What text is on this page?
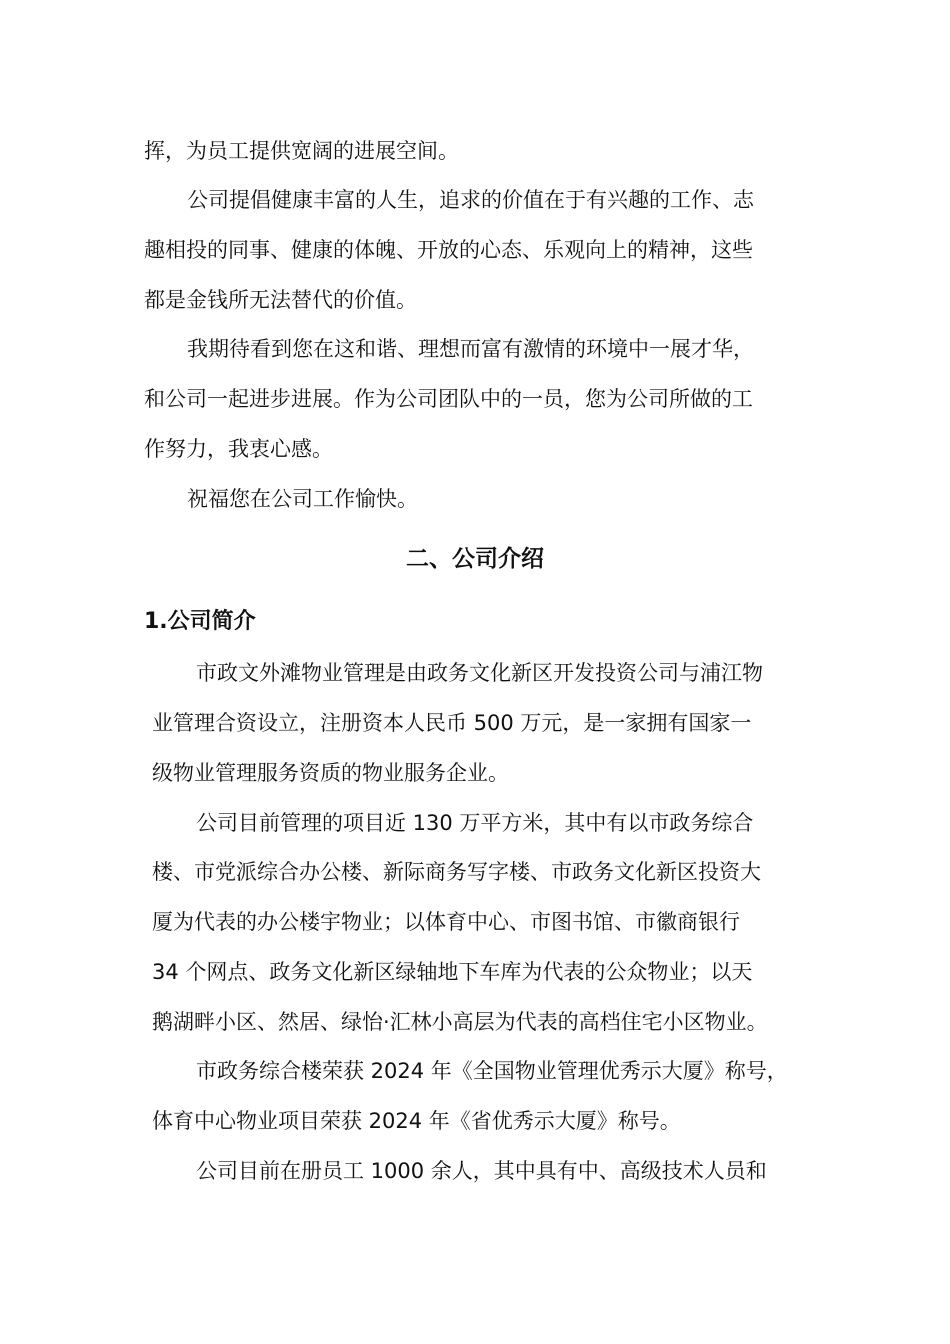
挥，为员工提供宽阔的进展空间。
公司提倡健康丰富的人生，追求的价值在于有兴趣的工作、志
趣相投的同事、健康的体魄、开放的心态、乐观向上的精神，这些
都是金钱所无法替代的价值。
我期待看到您在这和谐、理想而富有激情的环境中一展才华，
和公司一起进步进展。作为公司团队中的一员，您为公司所做的工
作努力，我衷心感。
祝福您在公司工作愉快。
二、公司介绍
1.公司简介
市政文外滩物业管理是由政务文化新区开发投资公司与浦江物
业管理合资设立，注册资本人民币 500 万元，是一家拥有国家一
级物业管理服务资质的物业服务企业。
公司目前管理的项目近 130 万平方米，其中有以市政务综合
楼、市党派综合办公楼、新际商务写字楼、市政务文化新区投资大
厦为代表的办公楼宇物业；以体育中心、市图书馆、市徽商银行
34 个网点、政务文化新区绿轴地下车库为代表的公众物业；以天
鹅湖畔小区、然居、绿怡·汇林小高层为代表的高档住宅小区物业。
市政务综合楼荣获 2024 年《全国物业管理优秀示大厦》称号，
体育中心物业项目荣获 2024 年《省优秀示大厦》称号。
公司目前在册员工 1000 余人，其中具有中、高级技术人员和
